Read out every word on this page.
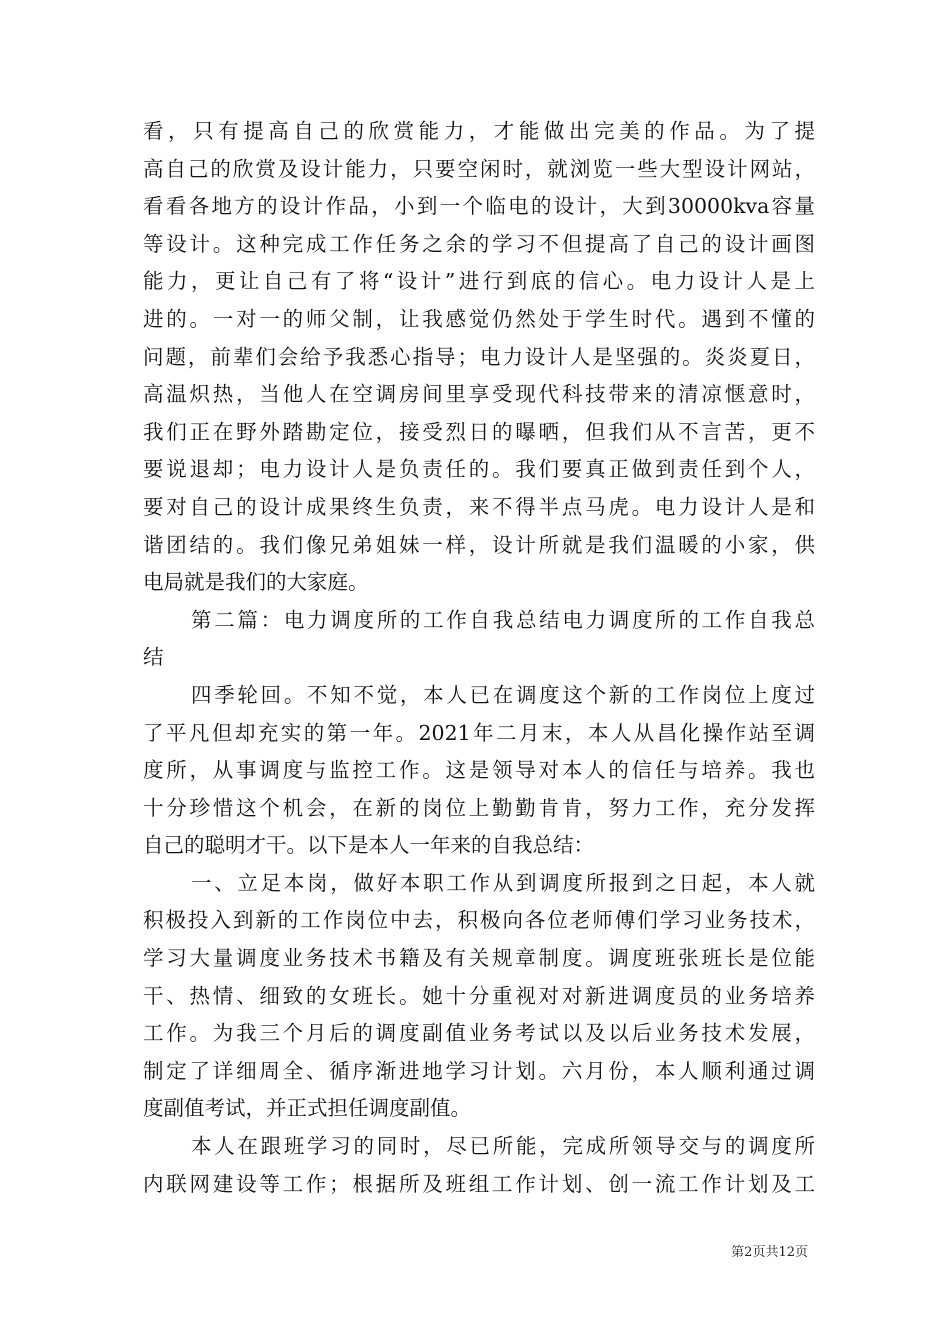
看，只有提高自己的欣赏能力，才能做出完美的作品。为了提
高自己的欣赏及设计能力，只要空闲时，就浏览一些大型设计网站，
看看各地方的设计作品，小到一个临电的设计，大到30000kva容量
等设计。这种完成工作任务之余的学习不但提高了自己的设计画图
能力，更让自己有了将“设计”进行到底的信心。电力设计人是上
进的。一对一的师父制，让我感觉仍然处于学生时代。遇到不懂的
问题，前辈们会给予我悉心指导；电力设计人是坚强的。炎炎夏日，
高温炽热，当他人在空调房间里享受现代科技带来的清凉惬意时，
我们正在野外踏勘定位，接受烈日的曝晒，但我们从不言苦，更不
要说退却；电力设计人是负责任的。我们要真正做到责任到个人，
要对自己的设计成果终生负责，来不得半点马虎。电力设计人是和
谐团结的。我们像兄弟姐妹一样，设计所就是我们温暖的小家，供
电局就是我们的大家庭。
第二篇：电力调度所的工作自我总结电力调度所的工作自我总
结
四季轮回。不知不觉，本人已在调度这个新的工作岗位上度过
了平凡但却充实的第一年。2021年二月末，本人从昌化操作站至调
度所，从事调度与监控工作。这是领导对本人的信任与培养。我也
十分珍惜这个机会，在新的岗位上勤勤肯肯，努力工作，充分发挥
自己的聪明才干。以下是本人一年来的自我总结：
一、立足本岗，做好本职工作从到调度所报到之日起，本人就
积极投入到新的工作岗位中去，积极向各位老师傅们学习业务技术，
学习大量调度业务技术书籍及有关规章制度。调度班张班长是位能
干、热情、细致的女班长。她十分重视对对新进调度员的业务培养
工作。为我三个月后的调度副值业务考试以及以后业务技术发展，
制定了详细周全、循序渐进地学习计划。六月份，本人顺利通过调
度副值考试，并正式担任调度副值。
本人在跟班学习的同时，尽已所能，完成所领导交与的调度所
内联网建设等工作；根据所及班组工作计划、创一流工作计划及工
第2页共12页
